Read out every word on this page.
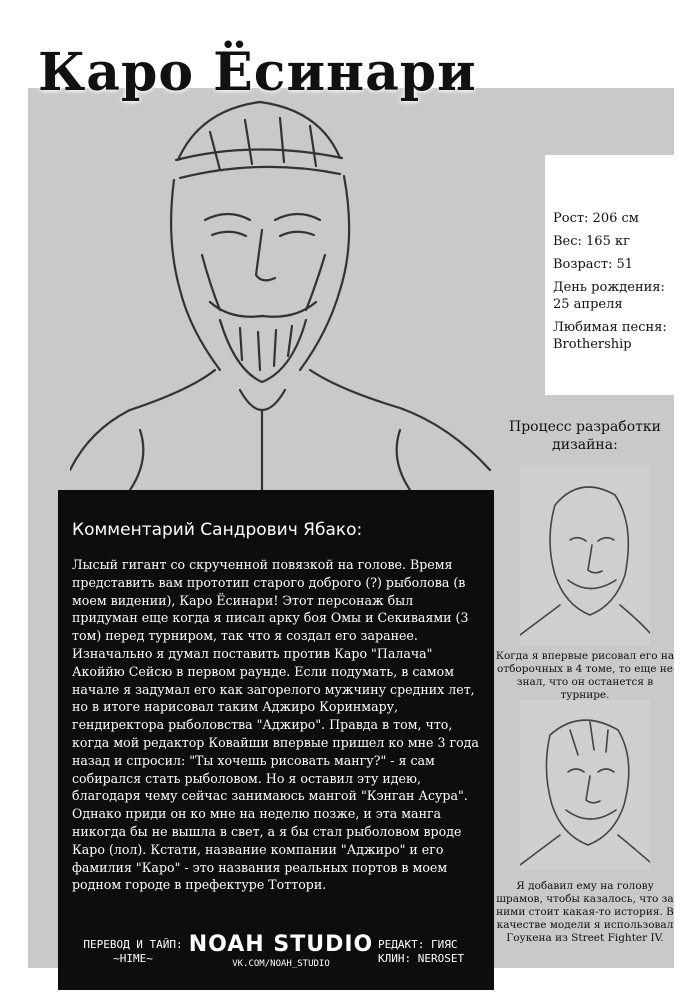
Каро Ёсинари
Рост: 206 см
Вес: 165 кг
Возраст: 51
День рождения: 25 апреля
Любимая песня: Brothership
Процесс разработки дизайна:
Когда я впервые рисовал его на отборочных в 4 томе, то еще не знал, что он останется в турнире.
Я добавил ему на голову шрамов, чтобы казалось, что за ними стоит какая-то история. В качестве модели я использовал Гоукена из Street Fighter IV.
Комментарий Сандрович Ябако:

Лысый гигант со скрученной повязкой на голове. Время представить вам прототип старого доброго (?) рыболова (в моем видении), Каро Ёсинари! Этот персонаж был придуман еще когда я писал арку боя Омы и Секиваями (3 том) перед турниром, так что я создал его заранее. Изначально я думал поставить против Каро "Палача" Акоййю Сейсю в первом раунде. Если подумать, в самом начале я задумал его как загорелого мужчину средних лет, но в итоге нарисовал таким Аджиро Коринмару, гендиректора рыболовства "Аджиро". Правда в том, что, когда мой редактор Ковайши впервые пришел ко мне 3 года назад и спросил: "Ты хочешь рисовать мангу?" - я сам собирался стать рыболовом. Но я оставил эту идею, благодаря чему сейчас занимаюсь мангой "Кэнган Асура". Однако приди он ко мне на неделю позже, и эта манга никогда бы не вышла в свет, а я бы стал рыболовом вроде Каро (лол). Кстати, название компании "Аджиро" и его фамилия "Каро" - это названия реальных портов в моем родном городе в префектуре Тоттори.

ПЕРЕВОД И ТАЙП: ~HIME~
NOAH STUDIO
VK.COM/NOAH_STUDIO
РЕДАКТ: ГИЯС КЛИН: NEROSET
